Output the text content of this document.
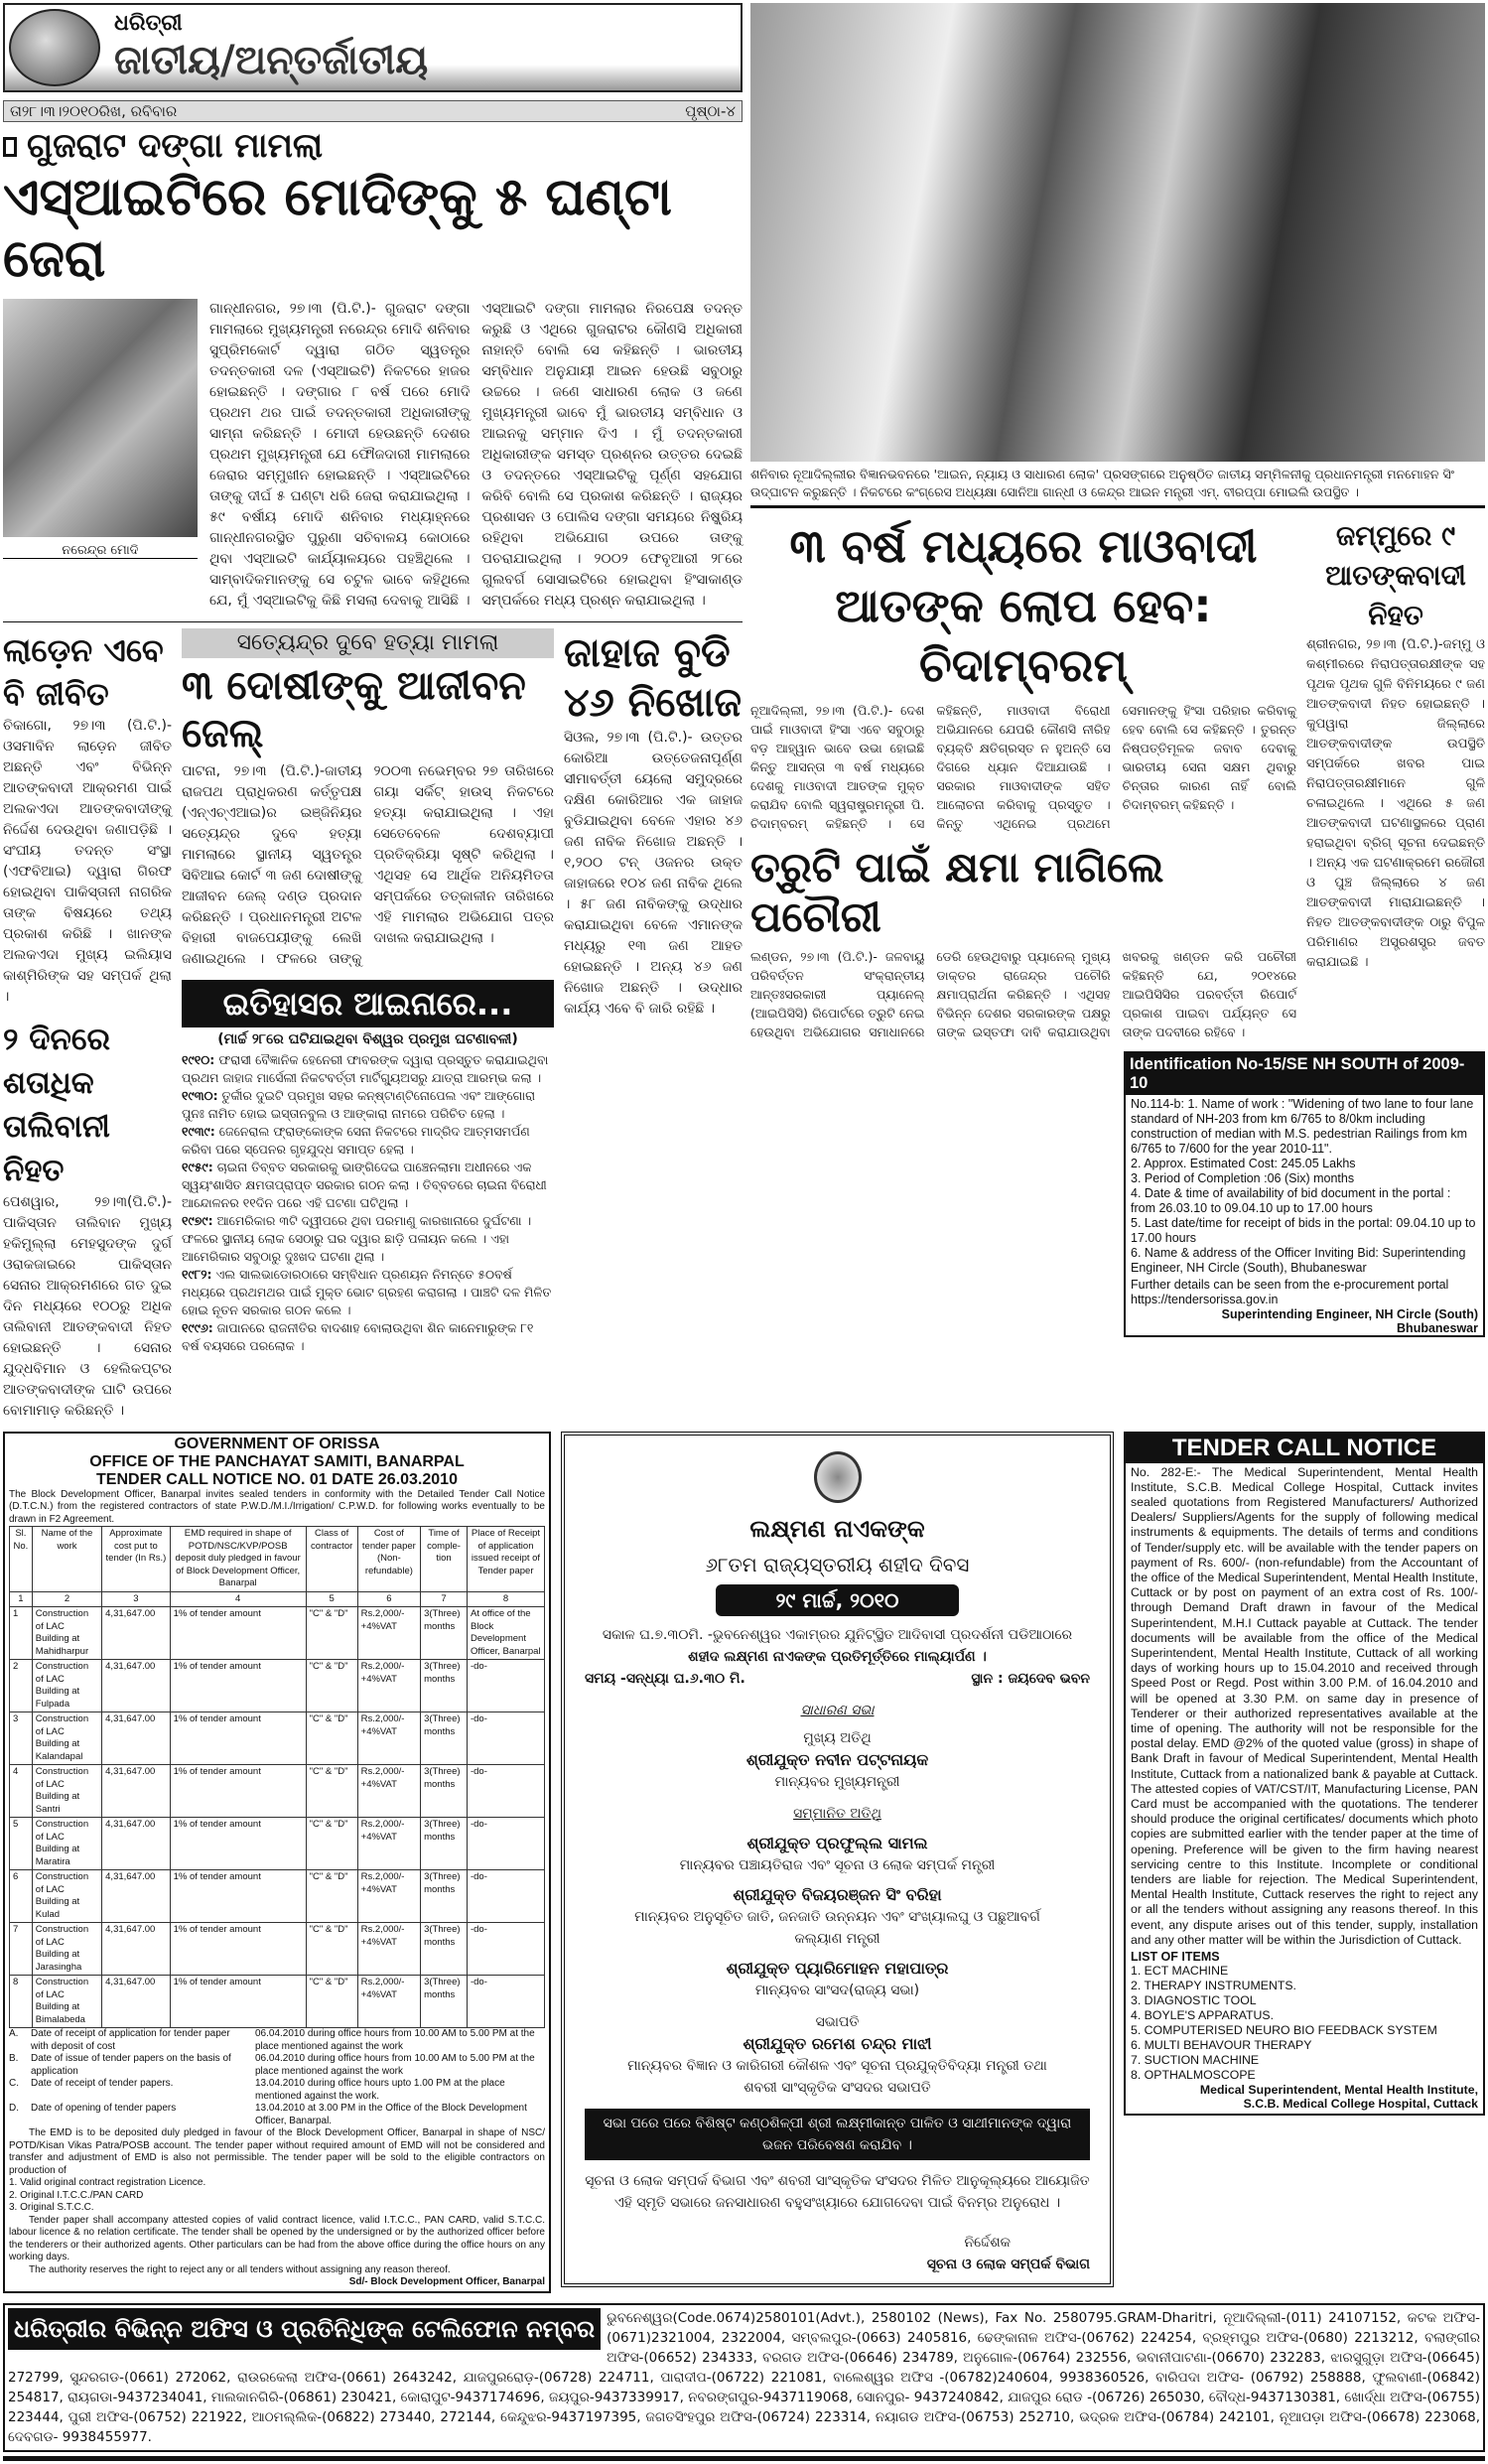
ଧରିତ୍ରୀ
ଜାତୀୟ/ଅନ୍ତର୍ଜାତୀୟ
ତା୨୮।୩।୨୦୧୦ରିଖ, ରବିବାର	ପୃଷ୍ଠା-୪
ଗୁଜରାଟ ଦଙ୍ଗା ମାମଲା
ଏସ୍‌ଆଇଟିରେ ମୋଦିଙ୍କୁ ୫ ଘଣ୍ଟା ଜେରା
ନରେନ୍ଦ୍ର ମୋଦି
ଗାନ୍ଧୀନଗର, ୨୭।୩ (ପି.ଟି.)- ଗୁଜରାଟ ଦଙ୍ଗା ମାମଲାରେ ମୁଖ୍ୟମନ୍ତ୍ରୀ ନରେନ୍ଦ୍ର ମୋଦି ଶନିବାର ସୁପ୍ରିମକୋର୍ଟ ଦ୍ୱାରା ଗଠିତ ସ୍ୱତନ୍ତ୍ର ତଦନ୍ତକାରୀ ଦଳ (ଏସ୍‌ଆଇଟି) ନିକଟରେ ହାଜର ହୋଇଛନ୍ତି । ଦଙ୍ଗାର ୮ ବର୍ଷ ପରେ ମୋଦି ପ୍ରଥମ ଥର ପାଇଁ ତଦନ୍ତକାରୀ ଅଧିକାରୀଙ୍କୁ ସାମ୍ନା କରିଛନ୍ତି । ମୋଦୀ ହେଉଛନ୍ତି ଦେଶର ପ୍ରଥମ ମୁଖ୍ୟମନ୍ତ୍ରୀ ଯେ ଫୌଜଦାରୀ ମାମଲାରେ ଜେରାର ସମ୍ମୁଖୀନ ହୋଇଛନ୍ତି । ଏସ୍‌ଆଇଟିରେ ତାଙ୍କୁ ଦୀର୍ଘ ୫ ଘଣ୍ଟା ଧରି ଜେରା କରାଯାଇଥିଲା । ୫୯ ବର୍ଷୀୟ ମୋଦି ଶନିବାର ମଧ୍ୟାହ୍ନରେ ଗାନ୍ଧୀନଗରସ୍ଥିତ ପୁରୁଣା ସଚିବାଳୟ କୋଠାରେ ଥିବା ଏସ୍‌ଆଇଟି କାର୍ଯ୍ୟାଳୟରେ ପହଞ୍ଚିଥିଲେ । ସାମ୍ବାଦିକମାନଙ୍କୁ ସେ ଚଟୁଳ ଭାବେ କହିଥିଲେ ଯେ, ମୁଁ ଏସ୍‌ଆଇଟିକୁ କିଛି ମସଲା ଦେବାକୁ ଆସିଛି । ଏସ୍‌ଆଇଟି ଦଙ୍ଗା ମାମଲାର ନିରପେକ୍ଷ ତଦନ୍ତ କରୁଛି ଓ ଏଥିରେ ଗୁଜରାଟର କୌଣସି ଅଧିକାରୀ ନାହାନ୍ତି ବୋଲି ସେ କହିଛନ୍ତି । ଭାରତୀୟ ସମ୍ବିଧାନ ଅନୁଯାୟୀ ଆଇନ ହେଉଛି ସବୁଠାରୁ ଉଚ୍ଚରେ । ଜଣେ ସାଧାରଣ ଲୋକ ଓ ଜଣେ ମୁଖ୍ୟମନ୍ତ୍ରୀ ଭାବେ ମୁଁ ଭାରତୀୟ ସମ୍ବିଧାନ ଓ ଆଇନକୁ ସମ୍ମାନ ଦିଏ । ମୁଁ ତଦନ୍ତକାରୀ ଅଧିକାରୀଙ୍କ ସମସ୍ତ ପ୍ରଶ୍ନର ଉତ୍ତର ଦେଇଛି ଓ ତଦନ୍ତରେ ଏସ୍‌ଆଇଟିକୁ ପୂର୍ଣ୍ଣ ସହଯୋଗ କରିବି ବୋଲି ସେ ପ୍ରକାଶ କରିଛନ୍ତି । ରାଜ୍ୟର ପ୍ରଶାସନ ଓ ପୋଲିସ ଦଙ୍ଗା ସମୟରେ ନିଷ୍କ୍ରିୟ ରହିଥିବା ଅଭିଯୋଗ ଉପରେ ତାଙ୍କୁ ପଚରାଯାଇଥିଲା । ୨୦୦୨ ଫେବୃଆରୀ ୨୮ରେ ଗୁଲବର୍ଗ ସୋସାଇଟିରେ ହୋଇଥିବା ହିଂସାକାଣ୍ଡ ସମ୍ପର୍କରେ ମଧ୍ୟ ପ୍ରଶ୍ନ କରାଯାଇଥିଲା ।
ଲାଡ଼େନ ଏବେ ବି ଜୀବିତ
ଚିକାଗୋ, ୨୭।୩ (ପି.ଟି.)-ଓସମାବିନ ଲାଡ଼େନ ଜୀବିତ ଅଛନ୍ତି ଏବଂ ବିଭିନ୍ନ ଆତଙ୍କବାଦୀ ଆକ୍ରମଣ ପାଇଁ ଅଲକଏଦା ଆତଙ୍କବାଦୀଙ୍କୁ ନିର୍ଦ୍ଦେଶ ଦେଉଥିବା ଜଣାପଡ଼ିଛି । ସଂଘୀୟ ତଦନ୍ତ ସଂସ୍ଥା (ଏଫବିଆଇ) ଦ୍ୱାରା ଗିରଫ ହୋଇଥିବା ପାକିସ୍ତାନୀ ନାଗରିକ ତାଙ୍କ ବିଷୟରେ ତଥ୍ୟ ପ୍ରକାଶ କରିଛି । ଖାନଙ୍କ ଅଲକଏଦା ମୁଖ୍ୟ ଇଲିୟାସ କାଶ୍ମିରିଙ୍କ ସହ ସମ୍ପର୍କ ଥିଲା ।
୨ ଦିନରେ ଶତାଧିକ ତାଲିବାନୀ ନିହତ
ପେଶୱାର, ୨୭।୩(ପି.ଟି.)- ପାକିସ୍ତାନ ତାଲିବାନ ମୁଖ୍ୟ ହକିମୁଲ୍ଲା ମେହସୁଦଙ୍କ ଦୁର୍ଗ ଓରାକଜାଇରେ ପାକିସ୍ତାନ ସେନାର ଆକ୍ରମଣରେ ଗତ ଦୁଇ ଦିନ ମଧ୍ୟରେ ୧୦୦ରୁ ଅଧିକ ତାଲିବାନୀ ଆତଙ୍କବାଦୀ ନିହତ ହୋଇଛନ୍ତି । ସେନାର ଯୁଦ୍ଧବିମାନ ଓ ହେଲିକପ୍ଟର ଆତଙ୍କବାଦୀଙ୍କ ଘାଟି ଉପରେ ବୋମାମାଡ଼ କରିଛନ୍ତି ।
ସତ୍ୟେନ୍ଦ୍ର ଦୁବେ ହତ୍ୟା ମାମଲା
୩ ଦୋଷୀଙ୍କୁ ଆଜୀବନ ଜେଲ୍
ପାଟନା, ୨୭।୩ (ପି.ଟି.)-ଜାତୀୟ ରାଜପଥ ପ୍ରାଧିକରଣ କର୍ତ୍ତୃପକ୍ଷ (ଏନ୍‌ଏଚ୍‌ଏଆଇ)ର ଇଞ୍ଜିନିୟର ସତ୍ୟେନ୍ଦ୍ର ଦୁବେ ହତ୍ୟା ମାମଲାରେ ସ୍ଥାନୀୟ ସ୍ୱତନ୍ତ୍ର ସିବିଆଇ କୋର୍ଟ ୩ ଜଣ ଦୋଷୀଙ୍କୁ ଆଜୀବନ ଜେଲ୍ ଦଣ୍ଡ ପ୍ରଦାନ କରିଛନ୍ତି । ପ୍ରଧାନମନ୍ତ୍ରୀ ଅଟଳ ବିହାରୀ ବାଜପେୟୀଙ୍କୁ ଲେଖି ଜଣାଇଥିଲେ । ଫଳରେ ତାଙ୍କୁ ୨୦୦୩ ନଭେମ୍ବର ୨୭ ତାରିଖରେ ଗୟା ସର୍କିଟ୍ ହାଉସ୍ ନିକଟରେ ହତ୍ୟା କରାଯାଇଥିଲା । ଏହା ସେତେବେଳେ ଦେଶବ୍ୟାପୀ ପ୍ରତିକ୍ରିୟା ସୃଷ୍ଟି କରିଥିଲା । ଏଥିସହ ସେ ଆର୍ଥିକ ଅନିୟମିତତା ସମ୍ପର୍କରେ ତତ୍କାଳୀନ ତାରିଖରେ ଏହି ମାମଲାର ଅଭିଯୋଗ ପତ୍ର ଦାଖଲ କରାଯାଇଥିଲା ।
ଇତିହାସର ଆଇନାରେ...
(ମାର୍ଚ୍ଚ ୨୮ରେ ଘଟିଯାଇଥିବା ବିଶ୍ୱର ପ୍ରମୁଖ ଘଟଣାବଳୀ)
୧୯୧୦: ଫରାସୀ ବୈଜ୍ଞାନିକ ହେନେରୀ ଫାବରଙ୍କ ଦ୍ୱାରା ପ୍ରସ୍ତୁତ କରାଯାଇଥିବା ପ୍ରଥମ ଜାହାଜ ମାର୍ସେଲୀ ନିକଟବର୍ତ୍ତୀ ମାର୍ଟିଗ୍ୟୁଅସରୁ ଯାତ୍ରା ଆରମ୍ଭ କଲା ।
୧୯୩୦: ତୁର୍କୀର ଦୁଇଟି ପ୍ରମୁଖ ସହର କନ୍‌ଷ୍ଟାଣ୍ଟିନୋପେଲ ଏବଂ ଆଙ୍ଗୋରା ପୁନଃ ନାମିତ ହୋଇ ଇସ୍ତାନବୁଲ ଓ ଆଙ୍କାରା ନାମରେ ପରିଚିତ ହେଲା ।
୧୯୩୯: ଜେନେରାଲ ଫ୍ରାଙ୍କୋଙ୍କ ସେନା ନିକଟରେ ମାଦ୍ରିଦ ଆତ୍ମସମର୍ପଣ କରିବା ପରେ ସ୍ପେନର ଗୃହଯୁଦ୍ଧ ସମାପ୍ତ ହେଲା ।
୧୯୫୯: ଚାଇନା ତିବ୍ବତ ସରକାରକୁ ଭାଙ୍ଗିଦେଇ ପାଞ୍ଚେନଲାମା ଅଧୀନରେ ଏକ ସ୍ୱୟଂଶାସିତ କ୍ଷମତାପ୍ରାପ୍ତ ସରକାର ଗଠନ କଲା । ତିବ୍ବତରେ ଚାଇନା ବିରୋଧୀ ଆନ୍ଦୋଳନର ୧୧ଦିନ ପରେ ଏହି ଘଟଣା ଘଟିଥିଲା ।
୧୯୭୯: ଆମେରିକାର ୩ଟି ଦ୍ୱୀପରେ ଥିବା ପରମାଣୁ କାରଖାନାରେ ଦୁର୍ଘଟଣା । ଫଳରେ ସ୍ଥାନୀୟ ଲୋକ ସେଠାରୁ ଘର ଦ୍ୱାର ଛାଡ଼ି ପଳାୟନ କଲେ । ଏହା ଆମେରିକାର ସବୁଠାରୁ ଦୁଃଖଦ ଘଟଣା ଥିଲା ।
୧୯୮୨: ଏଲ ସାଲଭାଡୋରଠାରେ ସମ୍ବିଧାନ ପ୍ରଣୟନ ନିମନ୍ତେ ୫୦ବର୍ଷ ମଧ୍ୟରେ ପ୍ରଥମଥର ପାଇଁ ମୁକ୍ତ ଭୋଟ ଗ୍ରହଣ କରାଗଲା । ପାଞ୍ଚଟି ଦଳ ମିଳିତ ହୋଇ ନୂତନ ସରକାର ଗଠନ କଲେ ।
୧୯୯୬: ଜାପାନରେ ରାଜନୀତିର ବାଦଶାହ ବୋଲାଉଥିବା ଶିନ କାନେମାରୁଙ୍କ ୮୧ ବର୍ଷ ବୟସରେ ପରଲୋକ ।
ଜାହାଜ ବୁଡି ୪୬ ନିଖୋଜ
ସିଓଲ, ୨୭।୩ (ପି.ଟି.)- ଉତ୍ତର କୋରିଆ ଉତ୍ତେଜନାପୂର୍ଣ୍ଣ ସୀମାବର୍ତ୍ତୀ ୟେଲୋ ସମୁଦ୍ରରେ ଦକ୍ଷିଣ କୋରିଆର ଏକ ଜାହାଜ ବୁଡିଯାଇଥିବା ବେଳେ ଏହାର ୪୬ ଜଣ ନାବିକ ନିଖୋଜ ଅଛନ୍ତି । ୧,୨୦୦ ଟନ୍ ଓଜନର ଉକ୍ତ ଜାହାଜରେ ୧୦୪ ଜଣ ନାବିକ ଥିଲେ । ୫୮ ଜଣ ନାବିକଙ୍କୁ ଉଦ୍ଧାର କରାଯାଇଥିବା ବେଳେ ଏମାନଙ୍କ ମଧ୍ୟରୁ ୧୩ ଜଣ ଆହତ ହୋଇଛନ୍ତି । ଅନ୍ୟ ୪୬ ଜଣ ନିଖୋଜ ଅଛନ୍ତି । ଉଦ୍ଧାର କାର୍ଯ୍ୟ ଏବେ ବି ଜାରି ରହିଛି ।
ଶନିବାର ନୂଆଦିଲ୍ଲୀର ବିଜ୍ଞାନଭବନରେ 'ଆଇନ, ନ୍ୟାୟ ଓ ସାଧାରଣ ଲୋକ' ପ୍ରସଙ୍ଗରେ ଅନୁଷ୍ଠିତ ଜାତୀୟ ସମ୍ମିଳନୀକୁ ପ୍ରଧାନମନ୍ତ୍ରୀ ମନମୋହନ ସିଂ ଉଦ୍‌ଘାଟନ କରୁଛନ୍ତି । ନିକଟରେ କଂଗ୍ରେସ ଅଧ୍ୟକ୍ଷା ସୋନିଆ ଗାନ୍ଧୀ ଓ କେନ୍ଦ୍ର ଆଇନ ମନ୍ତ୍ରୀ ଏମ୍‌. ବୀରପ୍ପା ମୋଇଲି ଉପସ୍ଥିତ ।
୩ ବର୍ଷ ମଧ୍ୟରେ ମାଓବାଦୀ ଆତଙ୍କ ଲୋପ ହେବ: ଚିଦାମ୍ବରମ୍
ନୂଆଦିଲ୍ଲୀ, ୨୭।୩ (ପି.ଟି.)- ଦେଶ ପାଇଁ ମାଓବାଦୀ ହିଂସା ଏବେ ସବୁଠାରୁ ବଡ଼ ଆହ୍ୱାନ ଭାବେ ଉଭା ହୋଇଛି କିନ୍ତୁ ଆସନ୍ତା ୩ ବର୍ଷ ମଧ୍ୟରେ ଦେଶକୁ ମାଓବାଦୀ ଆତଙ୍କ ମୁକ୍ତ କରାଯିବ ବୋଲି ସ୍ୱରାଷ୍ଟ୍ରମନ୍ତ୍ରୀ ପି. ଚିଦାମ୍ବରମ୍ କହିଛନ୍ତି । ସେ କହିଛନ୍ତି, ମାଓବାଦୀ ବିରୋଧୀ ଅଭିଯାନରେ ଯେପରି କୌଣସି ନୀରିହ ବ୍ୟକ୍ତି କ୍ଷତିଗ୍ରସ୍ତ ନ ହୁଅନ୍ତି ସେ ଦିଗରେ ଧ୍ୟାନ ଦିଆଯାଉଛି । ସରକାର ମାଓବାଦୀଙ୍କ ସହିତ ଆଲୋଚନା କରିବାକୁ ପ୍ରସ୍ତୁତ । କିନ୍ତୁ ଏଥିନେଇ ପ୍ରଥମେ ସେମାନଙ୍କୁ ହିଂସା ପରିହାର କରିବାକୁ ହେବ ବୋଲି ସେ କହିଛନ୍ତି । ତୁରନ୍ତ ନିଷ୍ପତ୍ତିମୂଳକ ଜବାବ ଦେବାକୁ ଭାରତୀୟ ସେନା ସକ୍ଷମ ଥିବାରୁ ଚିନ୍ତାର କାରଣ ନାହିଁ ବୋଲି ଚିଦାମ୍ବରମ୍ କହିଛନ୍ତି ।
ତ୍ରୁଟି ପାଇଁ କ୍ଷମା ମାଗିଲେ ପଚୌରୀ
ଲଣ୍ଡନ, ୨୭।୩ (ପି.ଟି.)- ଜଳବାୟୁ ପରିବର୍ତ୍ତନ ସଂକ୍ରାନ୍ତୀୟ ଆନ୍ତଃସରକାରୀ ପ୍ୟାନେଲ୍ (ଆଇପିସିସି) ରିପୋର୍ଟରେ ତ୍ରୁଟି ନେଇ ହେଉଥିବା ଅଭିଯୋଗର ସମାଧାନରେ ଡେରି ହେଉଥିବାରୁ ପ୍ୟାନେଲ୍ ମୁଖ୍ୟ ଡାକ୍ତର ରାଜେନ୍ଦ୍ର ପଚୌରି କ୍ଷମାପ୍ରାର୍ଥନା କରିଛନ୍ତି । ଏଥିସହ ବିଭିନ୍ନ ଦେଶର ସରକାରଙ୍କ ପକ୍ଷରୁ ତାଙ୍କ ଇସ୍ତଫା ଦାବି କରାଯାଉଥିବା ଖବରକୁ ଖଣ୍ଡନ କରି ପଚୌରୀ କହିଛନ୍ତି ଯେ, ୨୦୧୪ରେ ଆଇପିସିସିର ପରବର୍ତ୍ତୀ ରିପୋର୍ଟ ପ୍ରକାଶ ପାଇବା ପର୍ଯ୍ୟନ୍ତ ସେ ତାଙ୍କ ପଦବୀରେ ରହିବେ ।
ଜମ୍ମୁରେ ୯ ଆତଙ୍କବାଦୀ ନିହତ
ଶ୍ରୀନଗର, ୨୭।୩ (ପି.ଟି.)-ଜମ୍ମୁ ଓ କଶ୍ମୀରରେ ନିରାପତ୍ତାରକ୍ଷୀଙ୍କ ସହ ପୃଥକ ପୃଥକ ଗୁଳି ବିନିମୟରେ ୯ ଜଣ ଆତଙ୍କବାଦୀ ନିହତ ହୋଇଛନ୍ତି । କୁପୱାରା ଜିଲ୍ଲାରେ ଆତଙ୍କବାଦୀଙ୍କ ଉପସ୍ଥିତି ସମ୍ପର୍କରେ ଖବର ପାଇ ନିରାପତ୍ତାରକ୍ଷୀମାନେ ଗୁଳି ଚଳାଇଥିଲେ । ଏଥିରେ ୫ ଜଣ ଆତଙ୍କବାଦୀ ଘଟଣାସ୍ଥଳରେ ପ୍ରାଣ ହରାଇଥିବା ବ୍ରିଗ୍ ସୂଚନା ଦେଇଛନ୍ତି । ଅନ୍ୟ ଏକ ଘଟଣାକ୍ରମେ ରଜୌରୀ ଓ ପୁଞ୍ଚ ଜିଲ୍ଲାରେ ୪ ଜଣ ଆତଙ୍କବାଦୀ ମାରାଯାଇଛନ୍ତି । ନିହତ ଆତଙ୍କବାଦୀଙ୍କ ଠାରୁ ବିପୁଳ ପରିମାଣର ଅସ୍ତ୍ରଶସ୍ତ୍ର ଜବତ କରାଯାଇଛି ।
Identification No-15/SE NH SOUTH of 2009-10
No.114-b: 1. Name of work : "Widening of two lane to four lane standard of NH-203 from km 6/765 to 8/0km including construction of median with M.S. pedestrian Railings from km 6/765 to 7/600 for the year 2010-11".
2. Approx. Estimated Cost: 245.05 Lakhs
3. Period of Completion :06 (Six) months
4. Date & time of availability of bid document in the portal : from 26.03.10 to 09.04.10 up to 17.00 hours
5. Last date/time for receipt of bids in the portal: 09.04.10 up to 17.00 hours
6. Name & address of the Officer Inviting Bid: Superintending Engineer, NH Circle (South), Bhubaneswar
Further details can be seen from the e-procurement portal https://tendersorissa.gov.in
Superintending Engineer, NH Circle (South)
Bhubaneswar
GOVERNMENT OF ORISSA
OFFICE OF THE PANCHAYAT SAMITI, BANARPAL
TENDER CALL NOTICE NO. 01 DATE 26.03.2010
The Block Development Officer, Banarpal invites sealed tenders in conformity with the Detailed Tender Call Notice (D.T.C.N.) from the registered contractors of state P.W.D./M.I./Irrigation/ C.P.W.D. for following works eventually to be drawn in F2 Agreement.
Sl. No.	Name of the work	Approximate cost put to tender (In Rs.)	EMD required in shape of POTD/NSC/KVP/POSB deposit duly pledged in favour of Block Development Officer, Banarpal	Class of contractor	Cost of tender paper (Non-refundable)	Time of comple-tion	Place of Receipt of application issued receipt of Tender paper
1	2	3	4	5	6	7	8
1	Construction of LAC Building at Mahidharpur	4,31,647.00	1% of tender amount	"C" & "D"	Rs.2,000/- +4%VAT	3(Three) months	At office of the Block Development Officer, Banarpal
2	Construction of LAC Building at Fulpada	4,31,647.00	1% of tender amount	"C" & "D"	Rs.2,000/- +4%VAT	3(Three) months	-do-
3	Construction of LAC Building at Kalandapal	4,31,647.00	1% of tender amount	"C" & "D"	Rs.2,000/- +4%VAT	3(Three) months	-do-
4	Construction of LAC Building at Santri	4,31,647.00	1% of tender amount	"C" & "D"	Rs.2,000/- +4%VAT	3(Three) months	-do-
5	Construction of LAC Building at Maratira	4,31,647.00	1% of tender amount	"C" & "D"	Rs.2,000/- +4%VAT	3(Three) months	-do-
6	Construction of LAC Building at Kulad	4,31,647.00	1% of tender amount	"C" & "D"	Rs.2,000/- +4%VAT	3(Three) months	-do-
7	Construction of LAC Building at Jarasingha	4,31,647.00	1% of tender amount	"C" & "D"	Rs.2,000/- +4%VAT	3(Three) months	-do-
8	Construction of LAC Building at Bimalabeda	4,31,647.00	1% of tender amount	"C" & "D"	Rs.2,000/- +4%VAT	3(Three) months	-do-
A.	Date of receipt of application for tender paper with deposit of cost
06.04.2010 during office hours from 10.00 AM to 5.00 PM at the place mentioned against the work
B.	Date of issue of tender papers on the basis of application
06.04.2010 during office hours from 10.00 AM to 5.00 PM at the place mentioned against the work
C.	Date of receipt of tender papers.	13.04.2010 during office hours upto 1.00 PM at the place mentioned against the work.
D.	Date of opening of tender papers	13.04.2010 at 3.00 PM in the Office of the Block Development Officer, Banarpal.
The EMD is to be deposited duly pledged in favour of the Block Development Officer, Banarpal in shape of NSC/ POTD/Kisan Vikas Patra/POSB account. The tender paper without required amount of EMD will not be considered and transfer and adjustment of EMD is also not permissible. The tender paper will be sold to the eligible contractors on production of
1. Valid original contract registration Licence.
2. Original I.T.C.C./PAN CARD
3. Original S.T.C.C.
Tender paper shall accompany attested copies of valid contract licence, valid I.T.C.C., PAN CARD, valid S.T.C.C. labour licence & no relation certificate. The tender shall be opened by the undersigned or by the authorized officer before the tenderers or their authorized agents. Other particulars can be had from the above office during the office hours on any working days.
The authority reserves the right to reject any or all tenders without assigning any reason thereof.
Sd/- Block Development Officer, Banarpal
ଲକ୍ଷ୍ମଣ ନାଏକଙ୍କ
୬୮ତମ ରାଜ୍ୟସ୍ତରୀୟ ଶହୀଦ ଦିବସ
୨୯ ମାର୍ଚ୍ଚ, ୨୦୧୦
ସକାଳ ଘ.୭.୩୦ମି. -ଭୁବନେଶ୍ୱର ଏକାମ୍ରର ଯୁନିଟ୍‌ସ୍ଥିତ ଆଦିବାସୀ ପ୍ରଦର୍ଶନୀ ପଡିଆଠାରେ
ଶହୀଦ ଲକ୍ଷ୍ମଣ ନାଏକଙ୍କ ପ୍ରତିମୂର୍ତ୍ତିରେ ମାଲ୍ୟାର୍ପଣ ।
ସମୟ -ସନ୍ଧ୍ୟା ଘ.୬.୩୦ ମି.	ସ୍ଥାନ : ଜୟଦେବ ଭବନ
ସାଧାରଣ ସଭା
ମୁଖ୍ୟ ଅତିଥି
ଶ୍ରୀଯୁକ୍ତ ନବୀନ ପଟ୍ଟନାୟକ
ମାନ୍ୟବର ମୁଖ୍ୟମନ୍ତ୍ରୀ
ସମ୍ମାନିତ ଅତିଥି
ଶ୍ରୀଯୁକ୍ତ ପ୍ରଫୁଲ୍ଲ ସାମଲ
ମାନ୍ୟବର ପଞ୍ଚାୟତିରାଜ ଏବଂ ସୂଚନା ଓ ଲୋକ ସମ୍ପର୍କ ମନ୍ତ୍ରୀ
ଶ୍ରୀଯୁକ୍ତ ବିଜୟରଞ୍ଜନ ସିଂ ବରିହା
ମାନ୍ୟବର ଅନୁସୂଚିତ ଜାତି, ଜନଜାତି ଉନ୍ନୟନ ଏବଂ ସଂଖ୍ୟାଲଘୁ ଓ ପଛୁଆବର୍ଗ କଲ୍ୟାଣ ମନ୍ତ୍ରୀ
ଶ୍ରୀଯୁକ୍ତ ପ୍ୟାରିମୋହନ ମହାପାତ୍ର
ମାନ୍ୟବର ସାଂସଦ(ରାଜ୍ୟ ସଭା)
ସଭାପତି
ଶ୍ରୀଯୁକ୍ତ ରମେଶ ଚନ୍ଦ୍ର ମାଝୀ
ମାନ୍ୟବର ବିଜ୍ଞାନ ଓ କାରିଗରୀ କୌଶଳ ଏବଂ ସୂଚନା ପ୍ରଯୁକ୍ତିବିଦ୍ୟା ମନ୍ତ୍ରୀ ତଥା ଶବରୀ ସାଂସ୍କୃତିକ ସଂସଦର ସଭାପତି
ସଭା ପରେ ପରେ ବିଶିଷ୍ଟ କଣ୍ଠଶିଳ୍ପୀ ଶ୍ରୀ ଲକ୍ଷ୍ମୀକାନ୍ତ ପାଳିତ ଓ ସାଥୀମାନଙ୍କ ଦ୍ୱାରା ଭଜନ ପରିବେଷଣ କରାଯିବ ।
ସୂଚନା ଓ ଲୋକ ସମ୍ପର୍କ ବିଭାଗ ଏବଂ ଶବରୀ ସାଂସ୍କୃତିକ ସଂସଦର ମିଳିତ ଆନୁକୂଲ୍ୟରେ ଆୟୋଜିତ ଏହି ସ୍ମୃତି ସଭାରେ ଜନସାଧାରଣ ବହୁସଂଖ୍ୟାରେ ଯୋଗଦେବା ପାଇଁ ବିନମ୍ର ଅନୁରୋଧ ।
ନିର୍ଦ୍ଦେଶକ
ସୂଚନା ଓ ଲୋକ ସମ୍ପର୍କ ବିଭାଗ
TENDER CALL NOTICE
No. 282-E:- The Medical Superintendent, Mental Health Institute, S.C.B. Medical College Hospital, Cuttack invites sealed quotations from Registered Manufacturers/ Authorized Dealers/ Suppliers/Agents for the supply of following medical instruments & equipments. The details of terms and conditions of Tender/supply etc. will be available with the tender papers on payment of Rs. 600/- (non-refundable) from the Accountant of the office of the Medical Superintendent, Mental Health Institute, Cuttack or by post on payment of an extra cost of Rs. 100/- through Demand Draft drawn in favour of the Medical Superintendent, M.H.I Cuttack payable at Cuttack. The tender documents will be available from the office of the Medical Superintendent, Mental Health Institute, Cuttack of all working days of working hours up to 15.04.2010 and received through Speed Post or Regd. Post within 3.00 P.M. of 16.04.2010 and will be opened at 3.30 P.M. on same day in presence of Tenderer or their authorized representatives available at the time of opening. The authority will not be responsible for the postal delay. EMD @2% of the quoted value (gross) in shape of Bank Draft in favour of Medical Superintendent, Mental Health Institute, Cuttack from a nationalized bank & payable at Cuttack. The attested copies of VAT/CST/IT, Manufacturing License, PAN Card must be accompanied with the quotations. The tenderer should produce the original certificates/ documents which photo copies are submitted earlier with the tender paper at the time of opening. Preference will be given to the firm having nearest servicing centre to this Institute. Incomplete or conditional tenders are liable for rejection. The Medical Superintendent, Mental Health Institute, Cuttack reserves the right to reject any or all the tenders without assigning any reasons thereof. In this event, any dispute arises out of this tender, supply, installation and any other matter will be within the Jurisdiction of Cuttack.
LIST OF ITEMS
1. ECT MACHINE
2. THERAPY INSTRUMENTS.
3. DIAGNOSTIC TOOL
4. BOYLE'S APPARATUS.
5. COMPUTERISED NEURO BIO FEEDBACK SYSTEM
6. MULTI BEHAVOUR THERAPY
7. SUCTION MACHINE
8. OPTHALMOSCOPE
Medical Superintendent, Mental Health Institute,
S.C.B. Medical College Hospital, Cuttack
ଧରିତ୍ରୀର ବିଭିନ୍ନ ଅଫିସ ଓ ପ୍ରତିନିଧିଙ୍କ ଟେଲିଫୋନ ନମ୍ବର ଭୁବନେଶ୍ୱର(Code.0674)2580101(Advt.), 2580102 (News), Fax No. 2580795.GRAM-Dharitri, ନୂଆଦିଲ୍ଲୀ-(011) 24107152, କଟକ ଅଫିସ-(0671)2321004, 2322004, ସମ୍ବଲପୁର-(0663) 2405816, ଢେଙ୍କାନାଳ ଅଫିସ-(06762) 224254, ବ୍ରହ୍ମପୁର ଅଫିସ-(0680) 2213212, ବଲାଙ୍ଗୀର ଅଫିସ-(06652) 234333, ବରଗଡ ଅଫିସ-(06646) 234789, ଅନୁଗୋଳ-(06764) 232556, ଭବାନୀପାଟଣା-(06670) 232283, ଝାରସୁଗୁଡ଼ା ଅଫିସ-(06645) 272799, ସୁନ୍ଦରଗଡ-(0661) 272062, ରାଉରକେଲା ଅଫିସ-(0661) 2643242, ଯାଜପୁରରୋଡ଼-(06728) 224711, ପାରାଦୀପ-(06722) 221081, ବାଲେଶ୍ୱର ଅଫିସ -(06782)240604, 9938360526, ବାରିପଦା ଅଫିସ- (06792) 258888, ଫୁଲବାଣୀ-(06842) 254817, ରାୟଗଡା-9437234041, ମାଲକାନଗିରି-(06861) 230421, କୋରାପୁଟ-9437174696, ଜୟପୁର-9437339917, ନବରଙ୍ଗପୁର-9437119068, ସୋନପୁର- 9437240842, ଯାଜପୁର ରୋଡ -(06726) 265030, ବୌଦ୍ଧ-9437130381, ଖୋର୍ଦ୍ଧା ଅଫିସ-(06755) 223444, ପୁରୀ ଅଫିସ-(06752) 221922, ଆଠମଲ୍ଲିକ-(06822) 273440, 272144, କେନ୍ଦୁଝର-9437197395, ଜଗତସିଂହପୁର ଅଫିସ-(06724) 223314, ନୟାଗଡ ଅଫିସ-(06753) 252710, ଭଦ୍ରକ ଅଫିସ-(06784) 242101, ନୂଆପଡ଼ା ଅଫିସ-(06678) 223068, ଦେବଗଡ- 9938455977.
